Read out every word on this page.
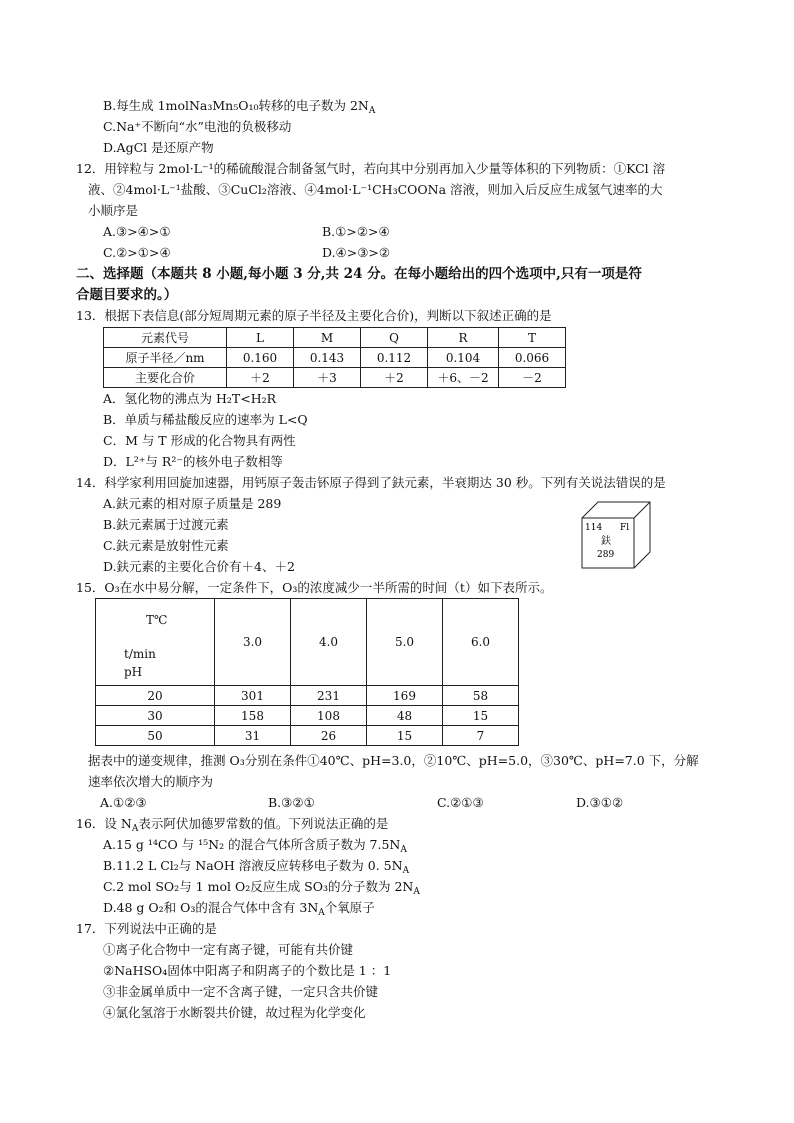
B.每生成 1molNa₃Mn₅O₁₀转移的电子数为 $2N_A$
C.Na⁺不断向“水”电池的负极移动
D.AgCl 是还原产物
12．用锌粒与 2mol·L⁻¹的稀硫酸混合制备氢气时，若向其中分别再加入少量等体积的下列物质：①KCl 溶
液、②4mol·L⁻¹盐酸、③CuCl₂溶液、④4mol·L⁻¹CH₃COONa 溶液，则加入后反应生成氢气速率的大
小顺序是
A.③>④>①	B.①>②>④
C.②>①>④	D.④>③>②
二、选择题（本题共 8 小题,每小题 3 分,共 24 分。在每小题给出的四个选项中,只有一项是符
合题目要求的。）
13．根据下表信息(部分短周期元素的原子半径及主要化合价)，判断以下叙述正确的是
元素代号	L	M	Q	R	T
原子半径／nm	0.160	0.143	0.112	0.104	0.066
主要化合价	＋2	＋3	＋2	＋6、－2	－2
A．氢化物的沸点为 H₂T<H₂R
B．单质与稀盐酸反应的速率为 L<Q
C．M 与 T 形成的化合物具有两性
D．L²⁺与 R²⁻的核外电子数相等
14．科学家利用回旋加速器，用钙原子轰击钚原子得到了鈇元素，半衰期达 30 秒。下列有关说法错误的是
A.鈇元素的相对原子质量是 289
B.鈇元素属于过渡元素
C.鈇元素是放射性元素
D.鈇元素的主要化合价有＋4、＋2
114 Fl
鈇
289
15．O₃在水中易分解，一定条件下，O₃的浓度减少一半所需的时间（t）如下表所示。
T℃
t/min
pH	3.0	4.0	5.0	6.0
20	301	231	169	58
30	158	108	48	15
50	31	26	15	7
据表中的递变规律，推测 O₃分别在条件①40℃、pH=3.0，②10℃、pH=5.0，③30℃、pH=7.0 下，分解
速率依次增大的顺序为
A.①②③	B.③②①	C.②①③	D.③①②
16．设 $N_A$表示阿伏加德罗常数的值。下列说法正确的是
A.15 g ¹⁴CO 与 ¹⁵N₂ 的混合气体所含质子数为 $7.5N_A$
B.11.2 L Cl₂与 NaOH 溶液反应转移电子数为 0. $5N_A$
C.2 mol SO₂与 1 mol O₂反应生成 SO₃的分子数为 $2N_A$
D.48 g O₂和 O₃的混合气体中含有 $3N_A$个氧原子
17．下列说法中正确的是
①离子化合物中一定有离子键，可能有共价键
②NaHSO₄固体中阳离子和阴离子的个数比是 1 ：1
③非金属单质中一定不含离子键，一定只含共价键
④氯化氢溶于水断裂共价键，故过程为化学变化
